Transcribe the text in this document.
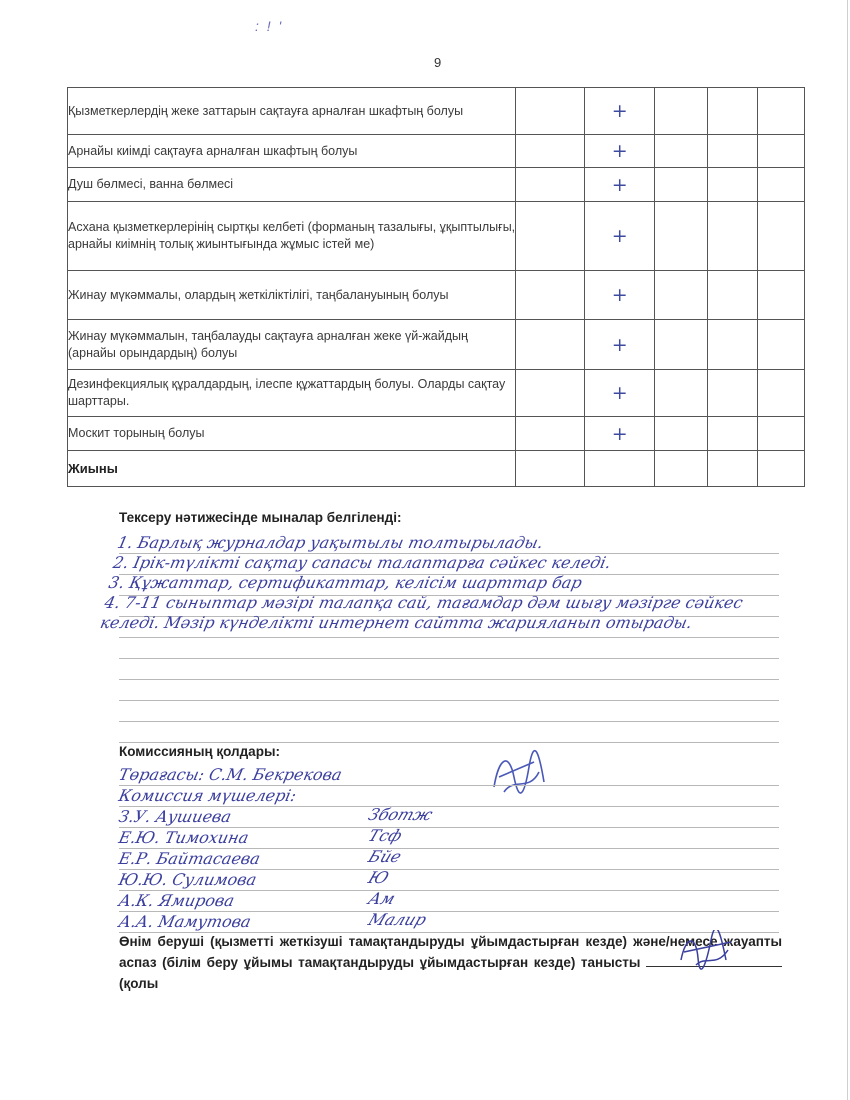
: ! '
9
Қызметкерлердің жеке заттарын сақтауға арналған шкафтың болуы		+			
Арнайы киімді сақтауға арналған шкафтың болуы		+			
Душ бөлмесі, ванна бөлмесі		+			
Асхана қызметкерлерінің сыртқы келбеті (форманың тазалығы, ұқыптылығы, арнайы киімнің толық жиынтығында жұмыс істей ме)		+			
Жинау мүкәммалы, олардың жеткіліктілігі, таңбалануының болуы		+			
Жинау мүкәммалын, таңбалауды сақтауға арналған жеке үй-жайдың (арнайы орындардың) болуы		+			
Дезинфекциялық құралдардың, ілеспе құжаттардың болуы. Оларды сақтау шарттары.		+			
Москит торының болуы		+			
Жиыны					

Тексеру нәтижесінде мыналар белгіленді:

1. Барлық журналдар уақытылы толтырылады.

2. Ірік-түлікті сақтау сапасы талаптарға сәйкес келеді.

3. Құжаттар, сертификаттар, келісім шарттар бар

4. 7-11 сыныптар мәзірі талапқа сай, тағамдар дәм шығу мәзірге сәйкес келеді. Мәзір күнделікті интернет сайтта жарияланып отырады.

Комиссияның қолдары:

Төрағасы: С.М. Бекрекова
Комиссия мүшелері:
З.У. Аушиева	Зботж
Е.Ю. Тимохина	Тсф
Е.Р. Байтасаева	Бйе
Ю.Ю. Сулимова	Ю
А.К. Ямирова	Ам
А.А. Мамутова	Малир

Өнім беруші (қызметті жеткізуші тамақтандыруды ұйымдастырған кезде) және/немесе жауапты аспаз (білім беру ұйымы тамақтандыруды ұйымдастырған кезде) танысты
(қолы
